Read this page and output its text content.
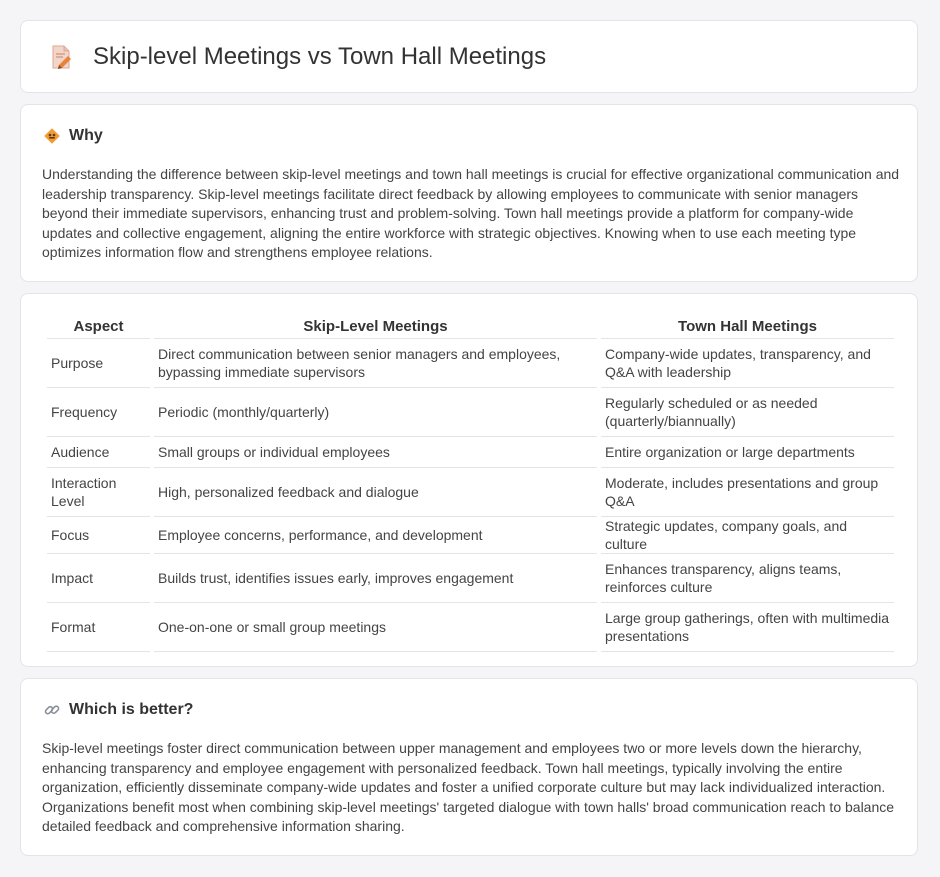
Skip-level Meetings vs Town Hall Meetings
Why

Understanding the difference between skip-level meetings and town hall meetings is crucial for effective organizational communication and leadership transparency. Skip-level meetings facilitate direct feedback by allowing employees to communicate with senior managers beyond their immediate supervisors, enhancing trust and problem-solving. Town hall meetings provide a platform for company-wide updates and collective engagement, aligning the entire workforce with strategic objectives. Knowing when to use each meeting type optimizes information flow and strengthens employee relations.

Aspect	Skip-Level Meetings	Town Hall Meetings
Purpose	Direct communication between senior managers and employees, bypassing immediate supervisors	Company-wide updates, transparency, and Q&A with leadership
Frequency	Periodic (monthly/quarterly)	Regularly scheduled or as needed (quarterly/biannually)
Audience	Small groups or individual employees	Entire organization or large departments
Interaction Level	High, personalized feedback and dialogue	Moderate, includes presentations and group Q&A
Focus	Employee concerns, performance, and development	Strategic updates, company goals, and culture
Impact	Builds trust, identifies issues early, improves engagement	Enhances transparency, aligns teams, reinforces culture
Format	One-on-one or small group meetings	Large group gatherings, often with multimedia presentations
Which is better?

Skip-level meetings foster direct communication between upper management and employees two or more levels down the hierarchy, enhancing transparency and employee engagement with personalized feedback. Town hall meetings, typically involving the entire organization, efficiently disseminate company-wide updates and foster a unified corporate culture but may lack individualized interaction. Organizations benefit most when combining skip-level meetings' targeted dialogue with town halls' broad communication reach to balance detailed feedback and comprehensive information sharing.
